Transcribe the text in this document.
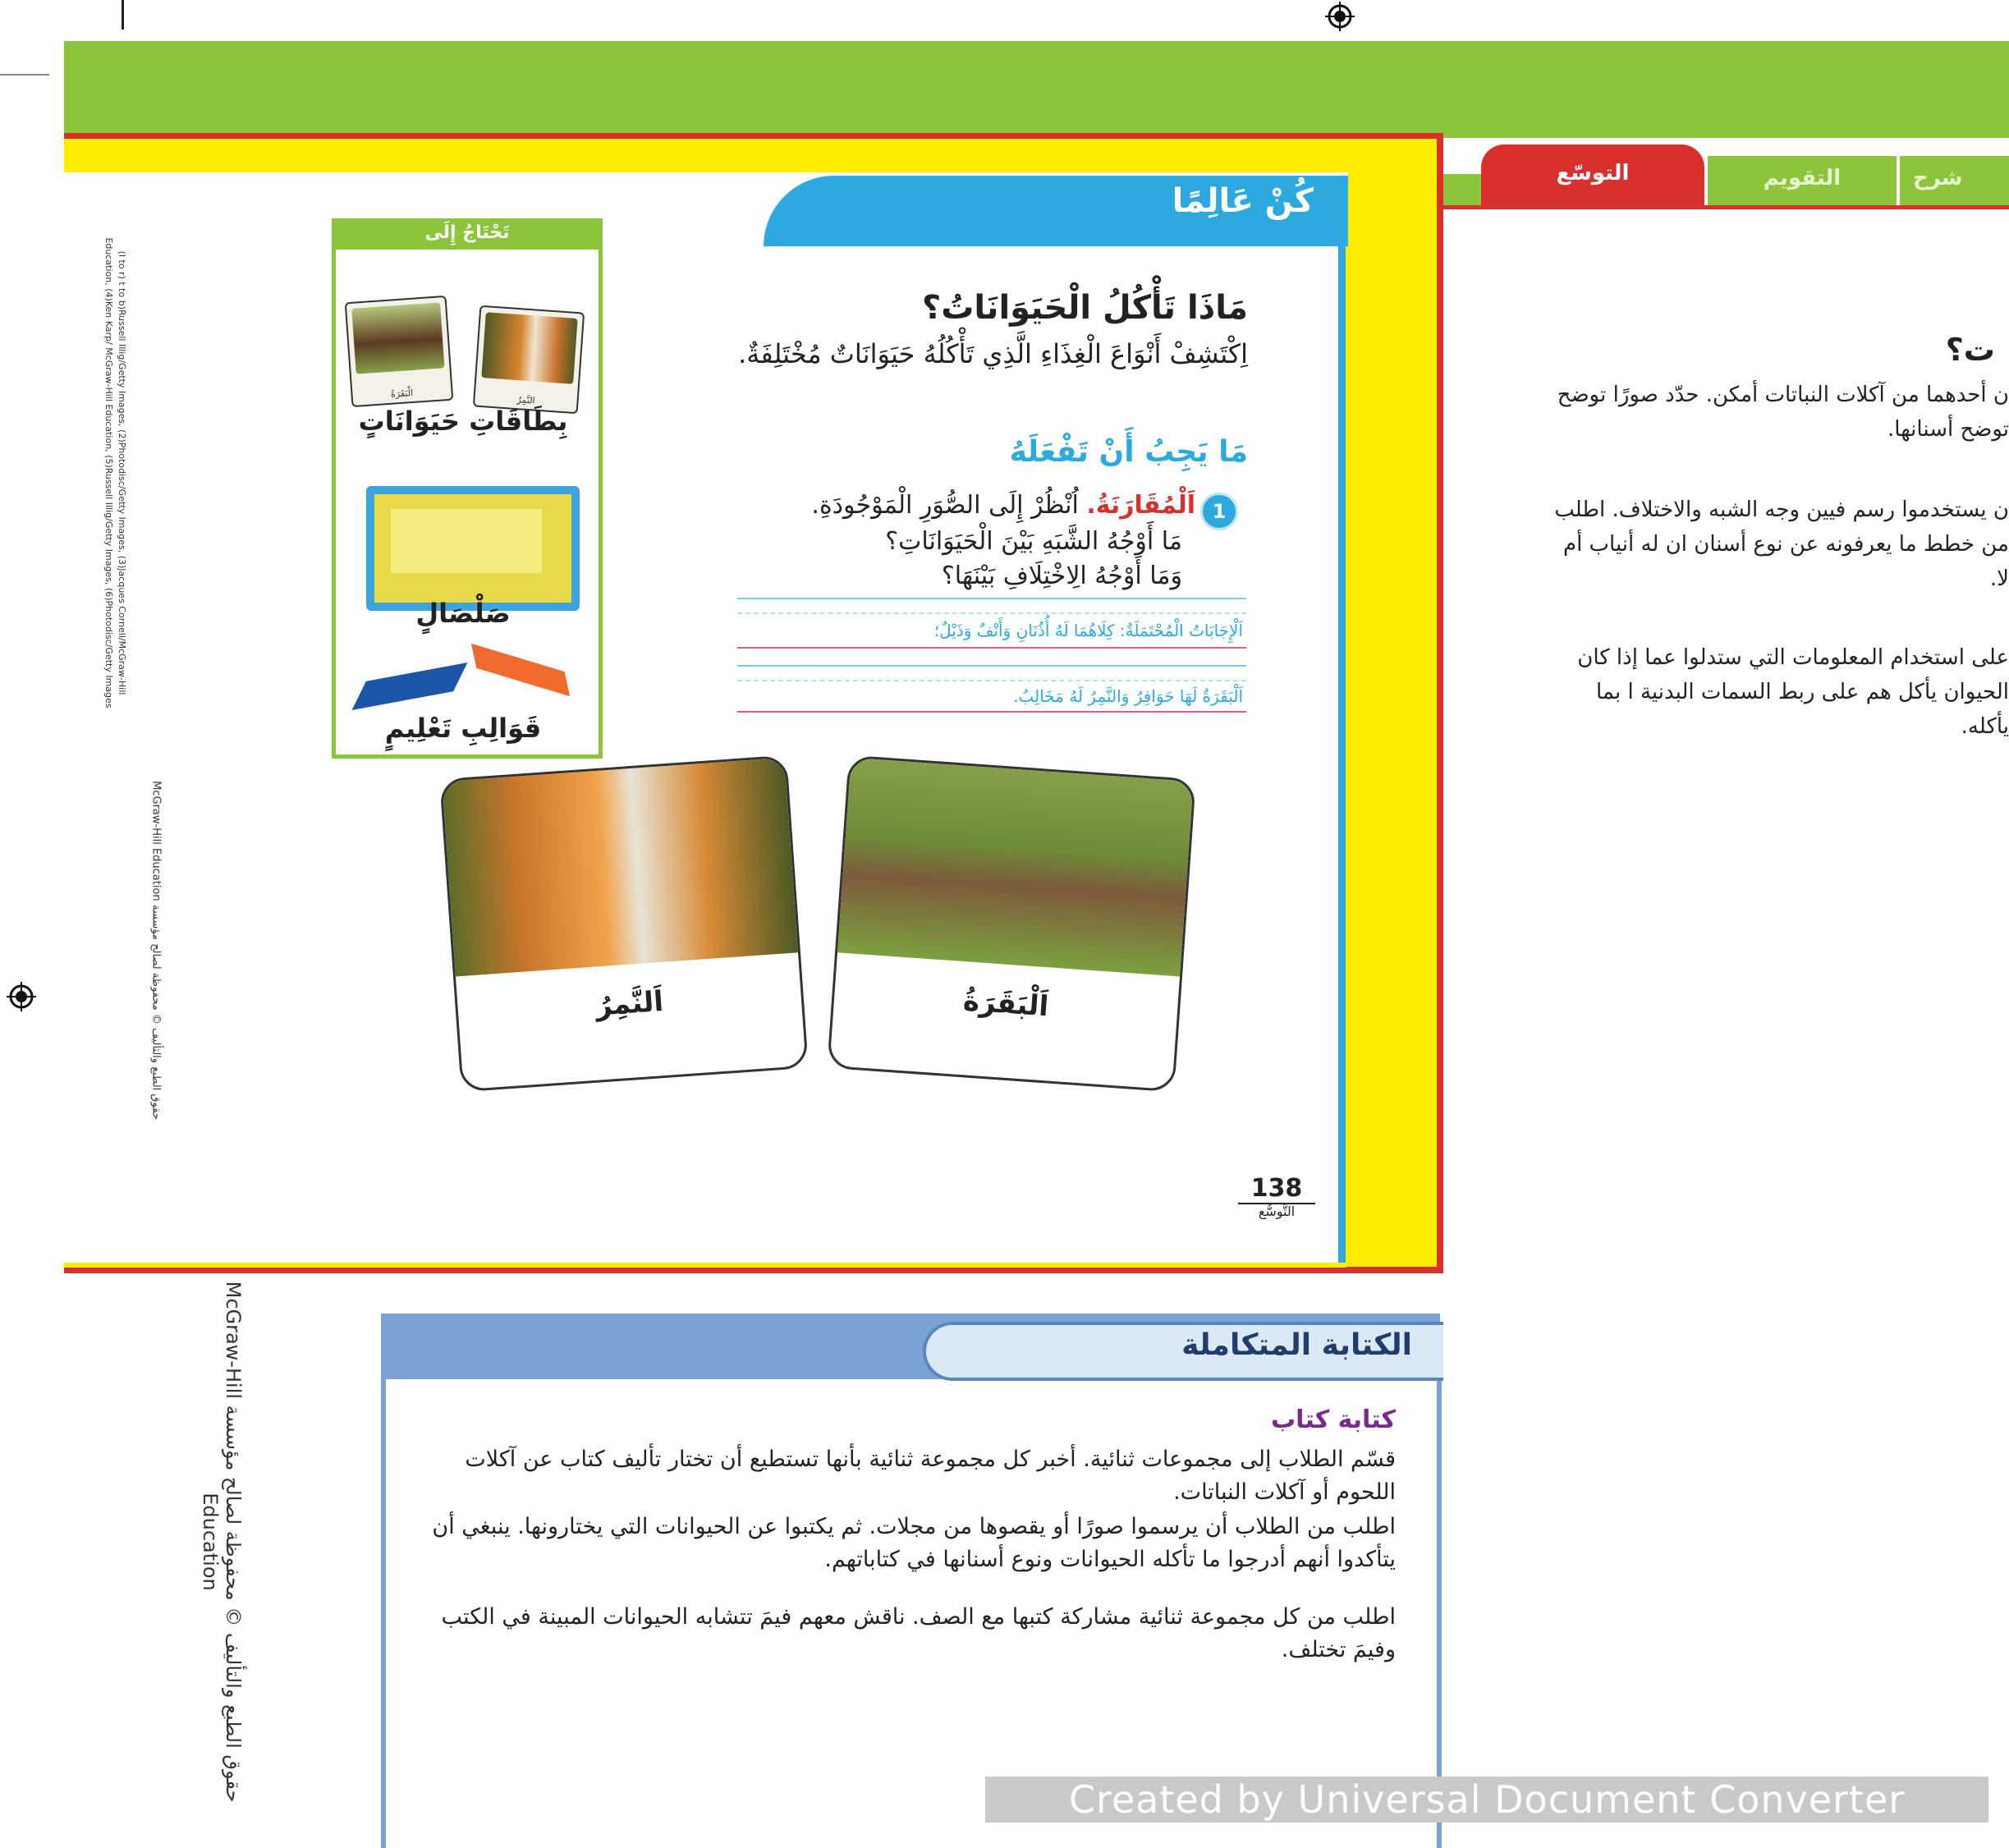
التقويم	شرح
التوسّع
كُنْ عَالِمًا
تَحْتَاجُ إِلَى
الْبَقَرَةُ
النَّمِرُ
بِطَاقَاتِ حَيَوَانَاتٍ
صَلْصَالٍ
قَوَالِبِ تَعْلِيمٍ
مَاذَا تَأْكُلُ الْحَيَوَانَاتُ؟
اِكْتَشِفْ أَنْوَاعَ الْغِذَاءِ الَّذِي تَأْكُلُهُ حَيَوَانَاتٌ مُخْتَلِفَةٌ.
مَا يَجِبُ أَنْ تَفْعَلَهُ
1
اَلْمُقَارَنَةُ. اُنْظُرْ إِلَى الصُّوَرِ الْمَوْجُودَةِ.
مَا أَوْجُهُ الشَّبَهِ بَيْنَ الْحَيَوَانَاتِ؟
وَمَا أَوْجُهُ الِاخْتِلَافِ بَيْنَهَا؟
اَلْإِجَابَاتُ الْمُحْتَمَلَةُ: كِلَاهُمَا لَهُ أُذُنَانِ وَأَنْفٌ وَذَيْلٌ؛
اَلْبَقَرَةُ لَهَا حَوَافِرُ وَالنَّمِرُ لَهُ مَخَالِبُ.
اَلنَّمِرُ	اَلْبَقَرَةُ
138
التَّوسُّع
(l to r) t to b)Russell Illig/Getty Images, (2)Photodisc/Getty Images, (3)Jacques Cornell/McGraw-Hill Education, (4)Ken Karp/ McGraw-Hill Education, (5)Russell Illig/Getty Images, (6)Photodisc/Getty Images
حقوق الطبع والتأليف © محفوظة لصالح مؤسسة McGraw-Hill Education
ت؟
ن أحدهما من آكلات النباتات أمكن. حدّد صورًا توضح توضح أسنانها.
ن يستخدموا رسم فيين وجه الشبه والاختلاف. اطلب من خطط ما يعرفونه عن نوع أسنان ان له أنياب أم لا.
على استخدام المعلومات التي ستدلوا عما إذا كان الحيوان يأكل هم على ربط السمات البدنية ا بما يأكله.
الكتابة المتكاملة
كتابة كتاب
قسّم الطلاب إلى مجموعات ثنائية. أخبر كل مجموعة ثنائية بأنها تستطيع أن تختار تأليف كتاب عن آكلات اللحوم أو آكلات النباتات.
اطلب من الطلاب أن يرسموا صورًا أو يقصوها من مجلات. ثم يكتبوا عن الحيوانات التي يختارونها. ينبغي أن يتأكدوا أنهم أدرجوا ما تأكله الحيوانات ونوع أسنانها في كتاباتهم.
اطلب من كل مجموعة ثنائية مشاركة كتبها مع الصف. ناقش معهم فيمَ تتشابه الحيوانات المبينة في الكتب وفيمَ تختلف.
حقوق الطبع والتأليف © محفوظة لصالح مؤسسة McGraw-Hill Education
Created by Universal Document Converter
